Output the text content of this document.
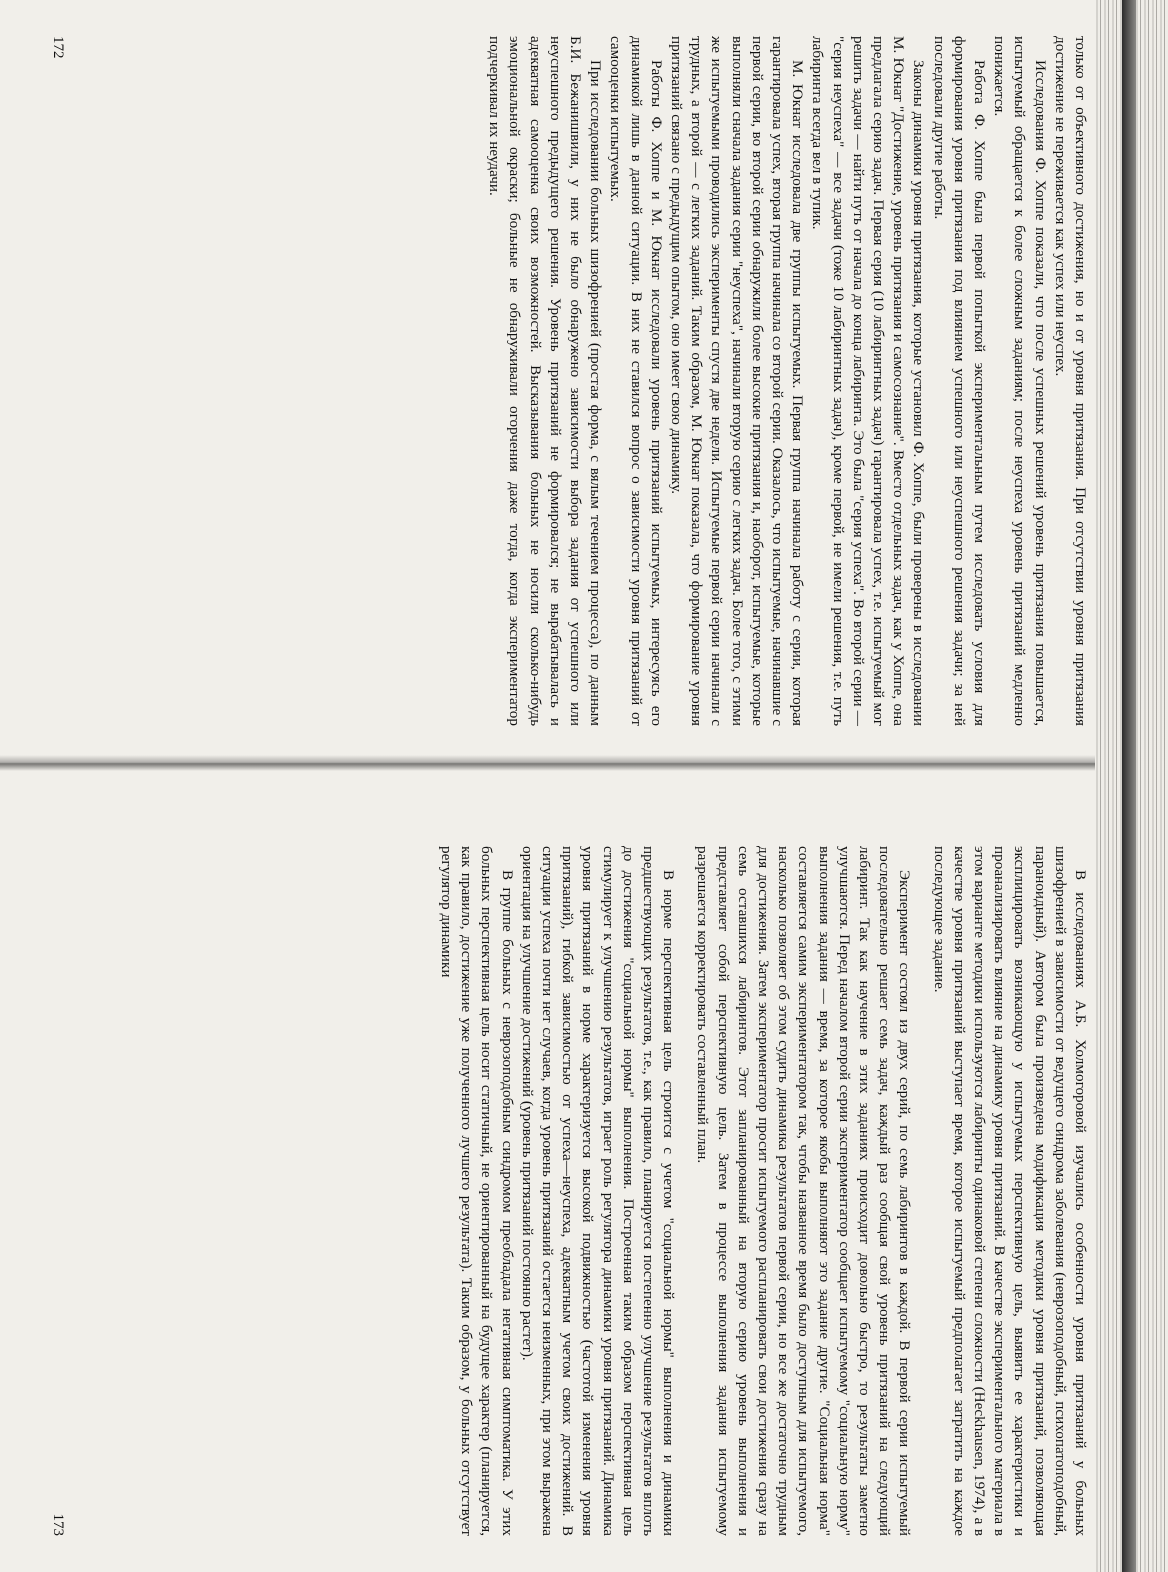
только от объективного достижения, но и от уровня притязания. При отсутствии уровня притязания достижение не переживается как успех или неуспех.

Исследования Ф. Хоппе показали, что после успешных решений уровень притязания повышается, испытуемый обращается к более сложным заданиям; после неуспеха уровень притязаний медленно понижается.

Работа Ф. Хоппе была первой попыткой экспериментальным путем исследовать условия для формирования уровня притязания под влиянием успешного или неуспешного решения задачи; за ней последовали другие работы.

Законы динамики уровня притязания, которые установил Ф. Хоппе, были проверены в исследовании М. Юкнат "Достижение, уровень притязания и самосознание". Вместо отдельных задач, как у Хоппе, она предлагала серию задач. Первая серия (10 лабиринтных задач) гарантировала успех, т.е. испытуемый мог решить задачи — найти путь от начала до конца лабиринта. Это была "серия успеха". Во второй серии — "серия неуспеха" — все задачи (тоже 10 лабиринтных задач), кроме первой, не имели решения, т.е. путь лабиринта всегда вел в тупик.

М. Юкнат исследовала две группы испытуемых. Первая группа начинала работу с серии, которая гарантировала успех, вторая группа начинала со второй серии. Оказалось, что испытуемые, начинавшие с первой серии, во второй серии обнаружили более высокие притязания и, наоборот, испытуемые, которые выполняли сначала задания серии "неуспеха", начинали вторую серию с легких задач. Более того, с этими же испытуемыми проводились эксперименты спустя две недели. Испытуемые первой серии начинали с трудных, а второй — с легких заданий. Таким образом, М. Юкнат показала, что формирование уровня притязаний связано с предыдущим опытом, оно имеет свою динамику.

Работы Ф. Хоппе и М. Юкнат исследовали уровень притязаний испытуемых, интересуясь его динамикой лишь в данной ситуации. В них не ставился вопрос о зависимости уровня притязаний от самооценки испытуемых.

При исследовании больных шизофренией (простая форма, с вялым течением процесса), по данным Б.И. Бежанишвили, у них не было обнаружено зависимости выбора задания от успешного или неуспешного предыдущего решения. Уровень притязаний не формировался; не вырабатывалась и адекватная самооценка своих возможностей. Высказывания больных не носили сколько-нибудь эмоциональной окраски; больные не обнаруживали огорчения даже тогда, когда экспериментатор подчеркивал их неудачи.

172

В исследованиях А.Б. Холмогоровой изучались особенности уровня притязаний у больных шизофренией в зависимости от ведущего синдрома заболевания (неврозоподобный, психопатоподобный, параноидный). Автором была произведена модификация методики уровня притязаний, позволяющая эксплицировать возникающую у испытуемых перспективную цель, выявить ее характеристики и проанализировать влияние на динамику уровня притязаний. В качестве экспериментального материала в этом варианте методики используются лабиринты одинаковой степени сложности (Heckhausen, 1974), а в качестве уровня притязаний выступает время, которое испытуемый предполагает затратить на каждое последующее задание.

Эксперимент состоял из двух серий, по семь лабиринтов в каждой. В первой серии испытуемый последовательно решает семь задач, каждый раз сообщая свой уровень притязаний на следующий лабиринт. Так как научение в этих заданиях происходит довольно быстро, то результаты заметно улучшаются. Перед началом второй серии экспериментатор сообщает испытуемому "социальную норму" выполнения задания — время, за которое якобы выполняют это задание другие. "Социальная норма" составляется самим экспериментатором так, чтобы названное время было доступным для испытуемого, насколько позволяет об этом судить динамика результатов первой серии, но все же достаточно трудным для достижения. Затем экспериментатор просит испытуемого распланировать свои достижения сразу на семь оставшихся лабиринтов. Этот запланированный на вторую серию уровень выполнения и представляет собой перспективную цель. Затем в процессе выполнения задания испытуемому разрешается корректировать составленный план.

В норме перспективная цель строится с учетом "социальной нормы" выполнения и динамики предшествующих результатов, т.е., как правило, планируется постепенно улучшение результатов вплоть до достижения "социальной нормы" выполнения. Построенная таким образом перспективная цель стимулирует к улучшению результатов, играет роль регулятора динамики уровня притязаний. Динамика уровня притязаний в норме характеризуется высокой подвижностью (частотой изменения уровня притязаний), гибкой зависимостью от успеха—неуспеха, адекватным учетом своих достижений. В ситуации успеха почти нет случаев, когда уровень притязаний остается неизменных, при этом выражена ориентация на улучшение достижений (уровень притязаний постоянно растет).

В группе больных с неврозоподобным синдромом преобладала негативная симптоматика. У этих больных перспективная цель носит статичный, не ориентированный на будущее характер (планируется, как правило, достижение уже полученного лучшего результата). Таким образом, у больных отсутствует регулятор динамики

173
